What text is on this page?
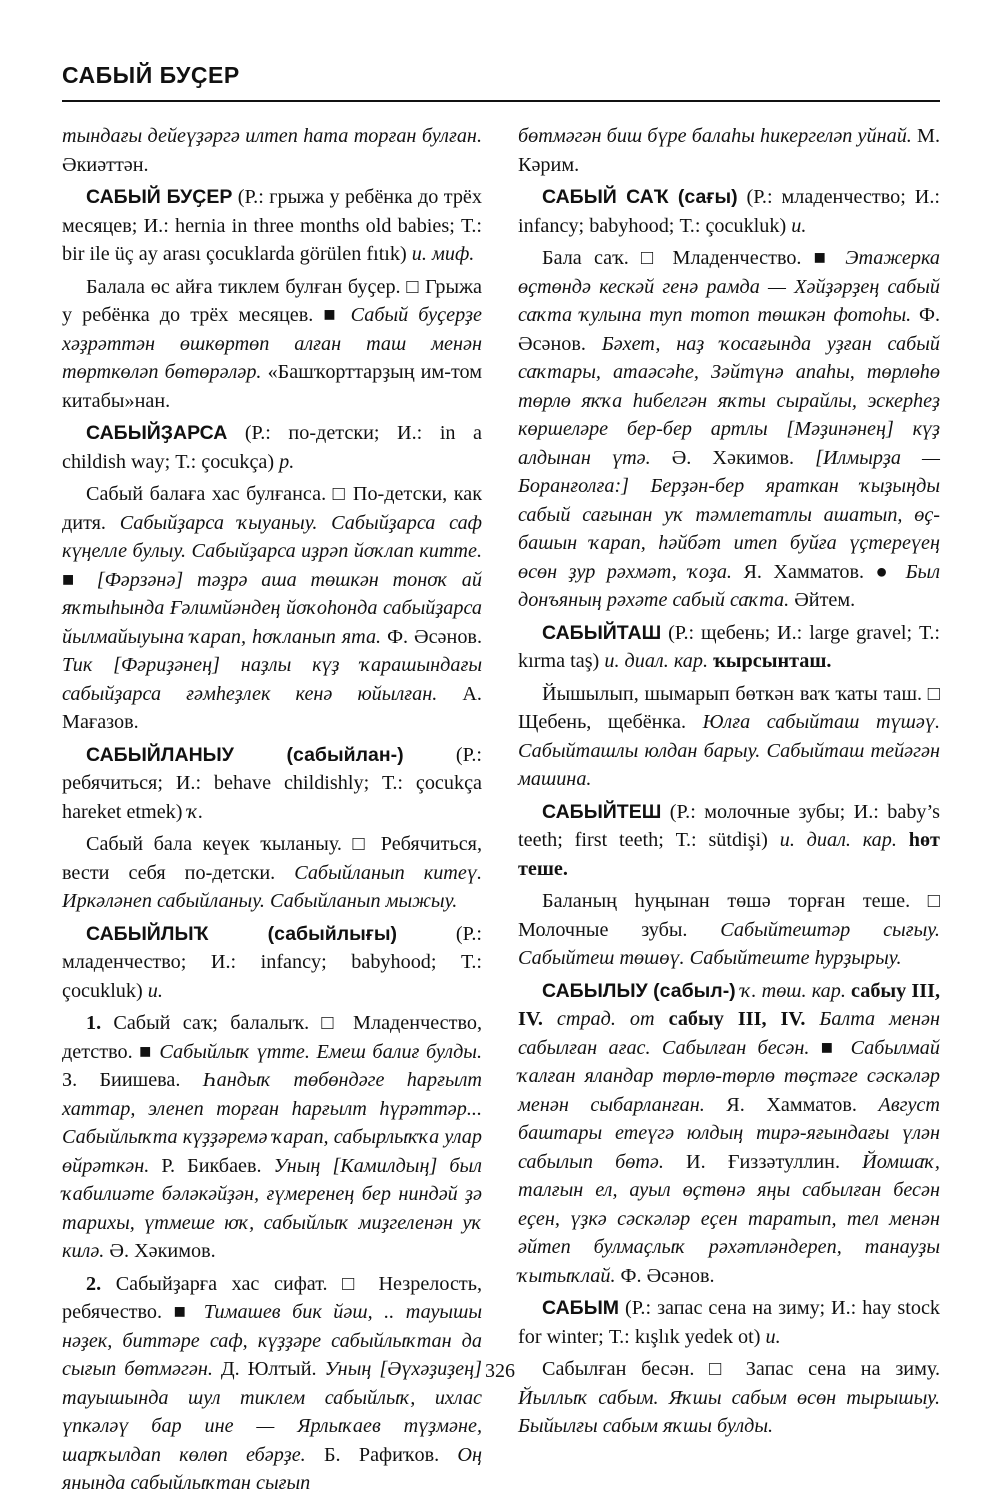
САБЫЙ БУҪЕР

тындағы дейеүҙәргә илтеп һата торған булған. Әкиәттән.

САБЫЙ БУҪЕР (Р.: грыжа у ребёнка до трёх месяцев; И.: hernia in three months old babies; Т.: bir ile üç ay arası çocuklarda görülen fıtık) и. миф.

Балала өс айға тиклем булған буҫер. □ Грыжа у ребёнка до трёх месяцев. ■ Сабый буҫерҙе хәҙрәттән өшкөртөп алған таш менән төрткөләп бөтөрәләр. «Башҡорттарҙың им-том китабы»нан.

САБЫЙҘАРСА (Р.: по-детски; И.: in a childish way; Т.: çocukça) р.

Сабый балаға хас булғанса. □ По-детски, как дитя. Сабыйҙарса ҡыуаныу. Сабыйҙарса саф күңелле булыу. Сабыйҙарса иҙрәп йоҡлап китте. ■ [Фәрзәнә] тәҙрә аша төшкән тоноҡ ай яҡтыһында Ғәлимйәндең йоҡоһонда сабыйҙарса йылмайыуына ҡарап, һоҡланып ята. Ф. Әсәнов. Тик [Фәриҙәнең] наҙлы күҙ ҡарашындағы сабыйҙарса ғәмһеҙлек кенә юйылған. А. Мағазов.

САБЫЙЛАНЫУ (сабыйлан-) (Р.: ребячиться; И.: behave childishly; Т.: çocukça hareket etmek) ҡ.

Сабый бала кеүек ҡыланыу. □ Ребячиться, вести себя по-детски. Сабыйланып китеү. Иркәләнеп сабыйланыу. Сабыйланып мыжыу.

САБЫЙЛЫҠ (сабыйлығы) (Р.: младенчество; И.: infancy; babyhood; Т.: çocukluk) и.

1. Сабый саҡ; балалыҡ. □ Младенчество, детство. ■ Сабыйлыҡ үтте. Емеш балиғ булды. З. Биишева. Һандыҡ төбөндәге һарғылт хаттар, эленеп торған һарғылт һүрәттәр... Сабыйлыҡта күҙҙәремә ҡарап, сабырлыҡҡа улар өйрәткән. Р. Бикбаев. Уның [Камилдың] был ҡабилиәте бәләкәйҙән, ғүмеренең бер ниндәй ҙә тарихы, үтмеше юҡ, сабыйлыҡ миҙгеленән уҡ килә. Ә. Хәкимов.

2. Сабыйҙарға хас сифат. □ Незрелость, ребячество. ■ Тимашев бик йәш, .. тауышы нәҙек, биттәре саф, күҙҙәре сабыйлыҡтан да сығып бөтмәгән. Д. Юлтый. Уның [Әүхәҙиҙең] тауышында шул тиклем сабыйлыҡ, ихлас үпкәләү бар ине — Ярлыҡаев түҙмәне, шарҡылдап көлөп ебәрҙе. Б. Рафиҡов. Оң янында сабыйлыҡтан сығып

бөтмәгән биш бүре балаһы һикергеләп уйнай. М. Кәрим.

САБЫЙ САҠ (сағы) (Р.: младенчество; И.: infancy; babyhood; Т.: çocukluk) и.

Бала саҡ. □ Младенчество. ■ Этажерка өҫтөндә кескәй генә рамда — Хәйҙәрҙең сабый саҡта ҡулына туп тотоп төшкән фотоһы. Ф. Әсәнов. Бәхет, наҙ ҡосағында уҙған сабый саҡтары, атаәсәһе, Зәйтүнә апаһы, төрлөһө төрлө яҡҡа һибелгән яҡты сырайлы, эскерһеҙ көршеләре бер-бер артлы [Мәҙинәнең] күҙ алдынан үтә. Ә. Хәкимов. [Илмырҙа — Боранғолға:] Берҙән-бер яраткан ҡыҙыңды сабый сағынан уҡ тәмлетатлы ашатып, өҫ-башын ҡарап, һәйбәт итеп буйға үҫтереүең өсөн ҙур рәхмәт, ҡоҙа. Я. Хамматов. ● Был донъяның рәхәте сабый саҡта. Әйтем.

САБЫЙТАШ (Р.: щебень; И.: large gravel; Т.: kırma taş) и. диал. кар. ҡырсынташ.

Йышылып, шымарып бөткән ваҡ ҡаты таш. □ Щебень, щебёнка. Юлға сабыйташ түшәү. Сабыйташлы юлдан барыу. Сабыйташ тейәгән машина.

САБЫЙТЕШ (Р.: молочные зубы; И.: baby’s teeth; first teeth; Т.: sütdişi) и. диал. кар. һөт теше.

Баланың һуңынан төшә торған теше. □ Молочные зубы. Сабыйтештәр сығыу. Сабыйтеш төшөү. Сабыйтеште һурҙырыу.

САБЫЛЫУ (сабыл-) ҡ. төш. кар. сабыу III, IV. страд. от сабыу III, IV. Балта менән сабылған ағас. Сабылған бесән. ■ Сабылмай ҡалған яландар төрлө-төрлө төҫтәге сәскәләр менән сыбарланған. Я. Хамматов. Август баштары етеүгә юлдың тирә-яғындағы үлән сабылып бөтә. И. Ғиззәтуллин. Йомшаҡ, талғын ел, ауыл өҫтөнә яңы сабылған бесән еҫен, үҙкә сәскәләр еҫен таратып, тел менән әйтеп булмаҫлыҡ рәхәтләндереп, танауҙы ҡытыҡлай. Ф. Әсәнов.

САБЫМ (Р.: запас сена на зиму; И.: hay stock for winter; Т.: kışlık yedek ot) и.

Сабылған бесән. □ Запас сена на зиму. Йыллыҡ сабым. Яҡшы сабым өсөн тырышыу. Быйылғы сабым яҡшы булды.

326
